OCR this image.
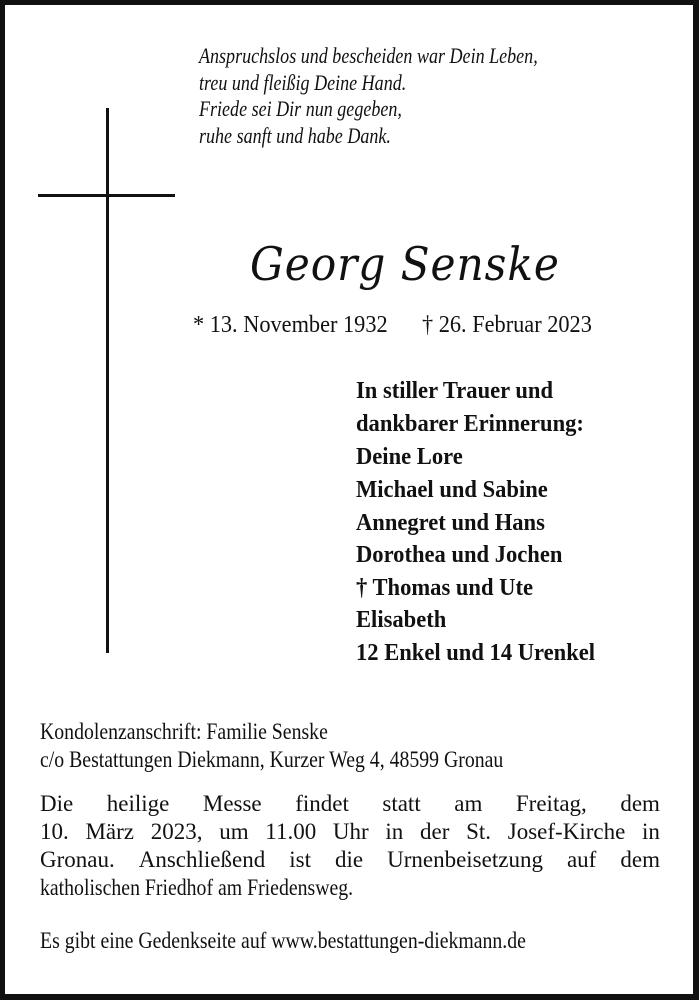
Anspruchslos und bescheiden war Dein Leben,
treu und fleißig Deine Hand.
Friede sei Dir nun gegeben,
ruhe sanft und habe Dank.
Georg Senske
* 13. November 1932 † 26. Februar 2023
In stiller Trauer und
dankbarer Erinnerung:
Deine Lore
Michael und Sabine
Annegret und Hans
Dorothea und Jochen
† Thomas und Ute
Elisabeth
12 Enkel und 14 Urenkel
Kondolenzanschrift: Familie Senske
c/o Bestattungen Diekmann, Kurzer Weg 4, 48599 Gronau
Die heilige Messe findet statt am Freitag, dem
10. März 2023, um 11.00 Uhr in der St. Josef-Kirche in
Gronau. Anschließend ist die Urnenbeisetzung auf dem
katholischen Friedhof am Friedensweg.
Es gibt eine Gedenkseite auf www.bestattungen-diekmann.de
